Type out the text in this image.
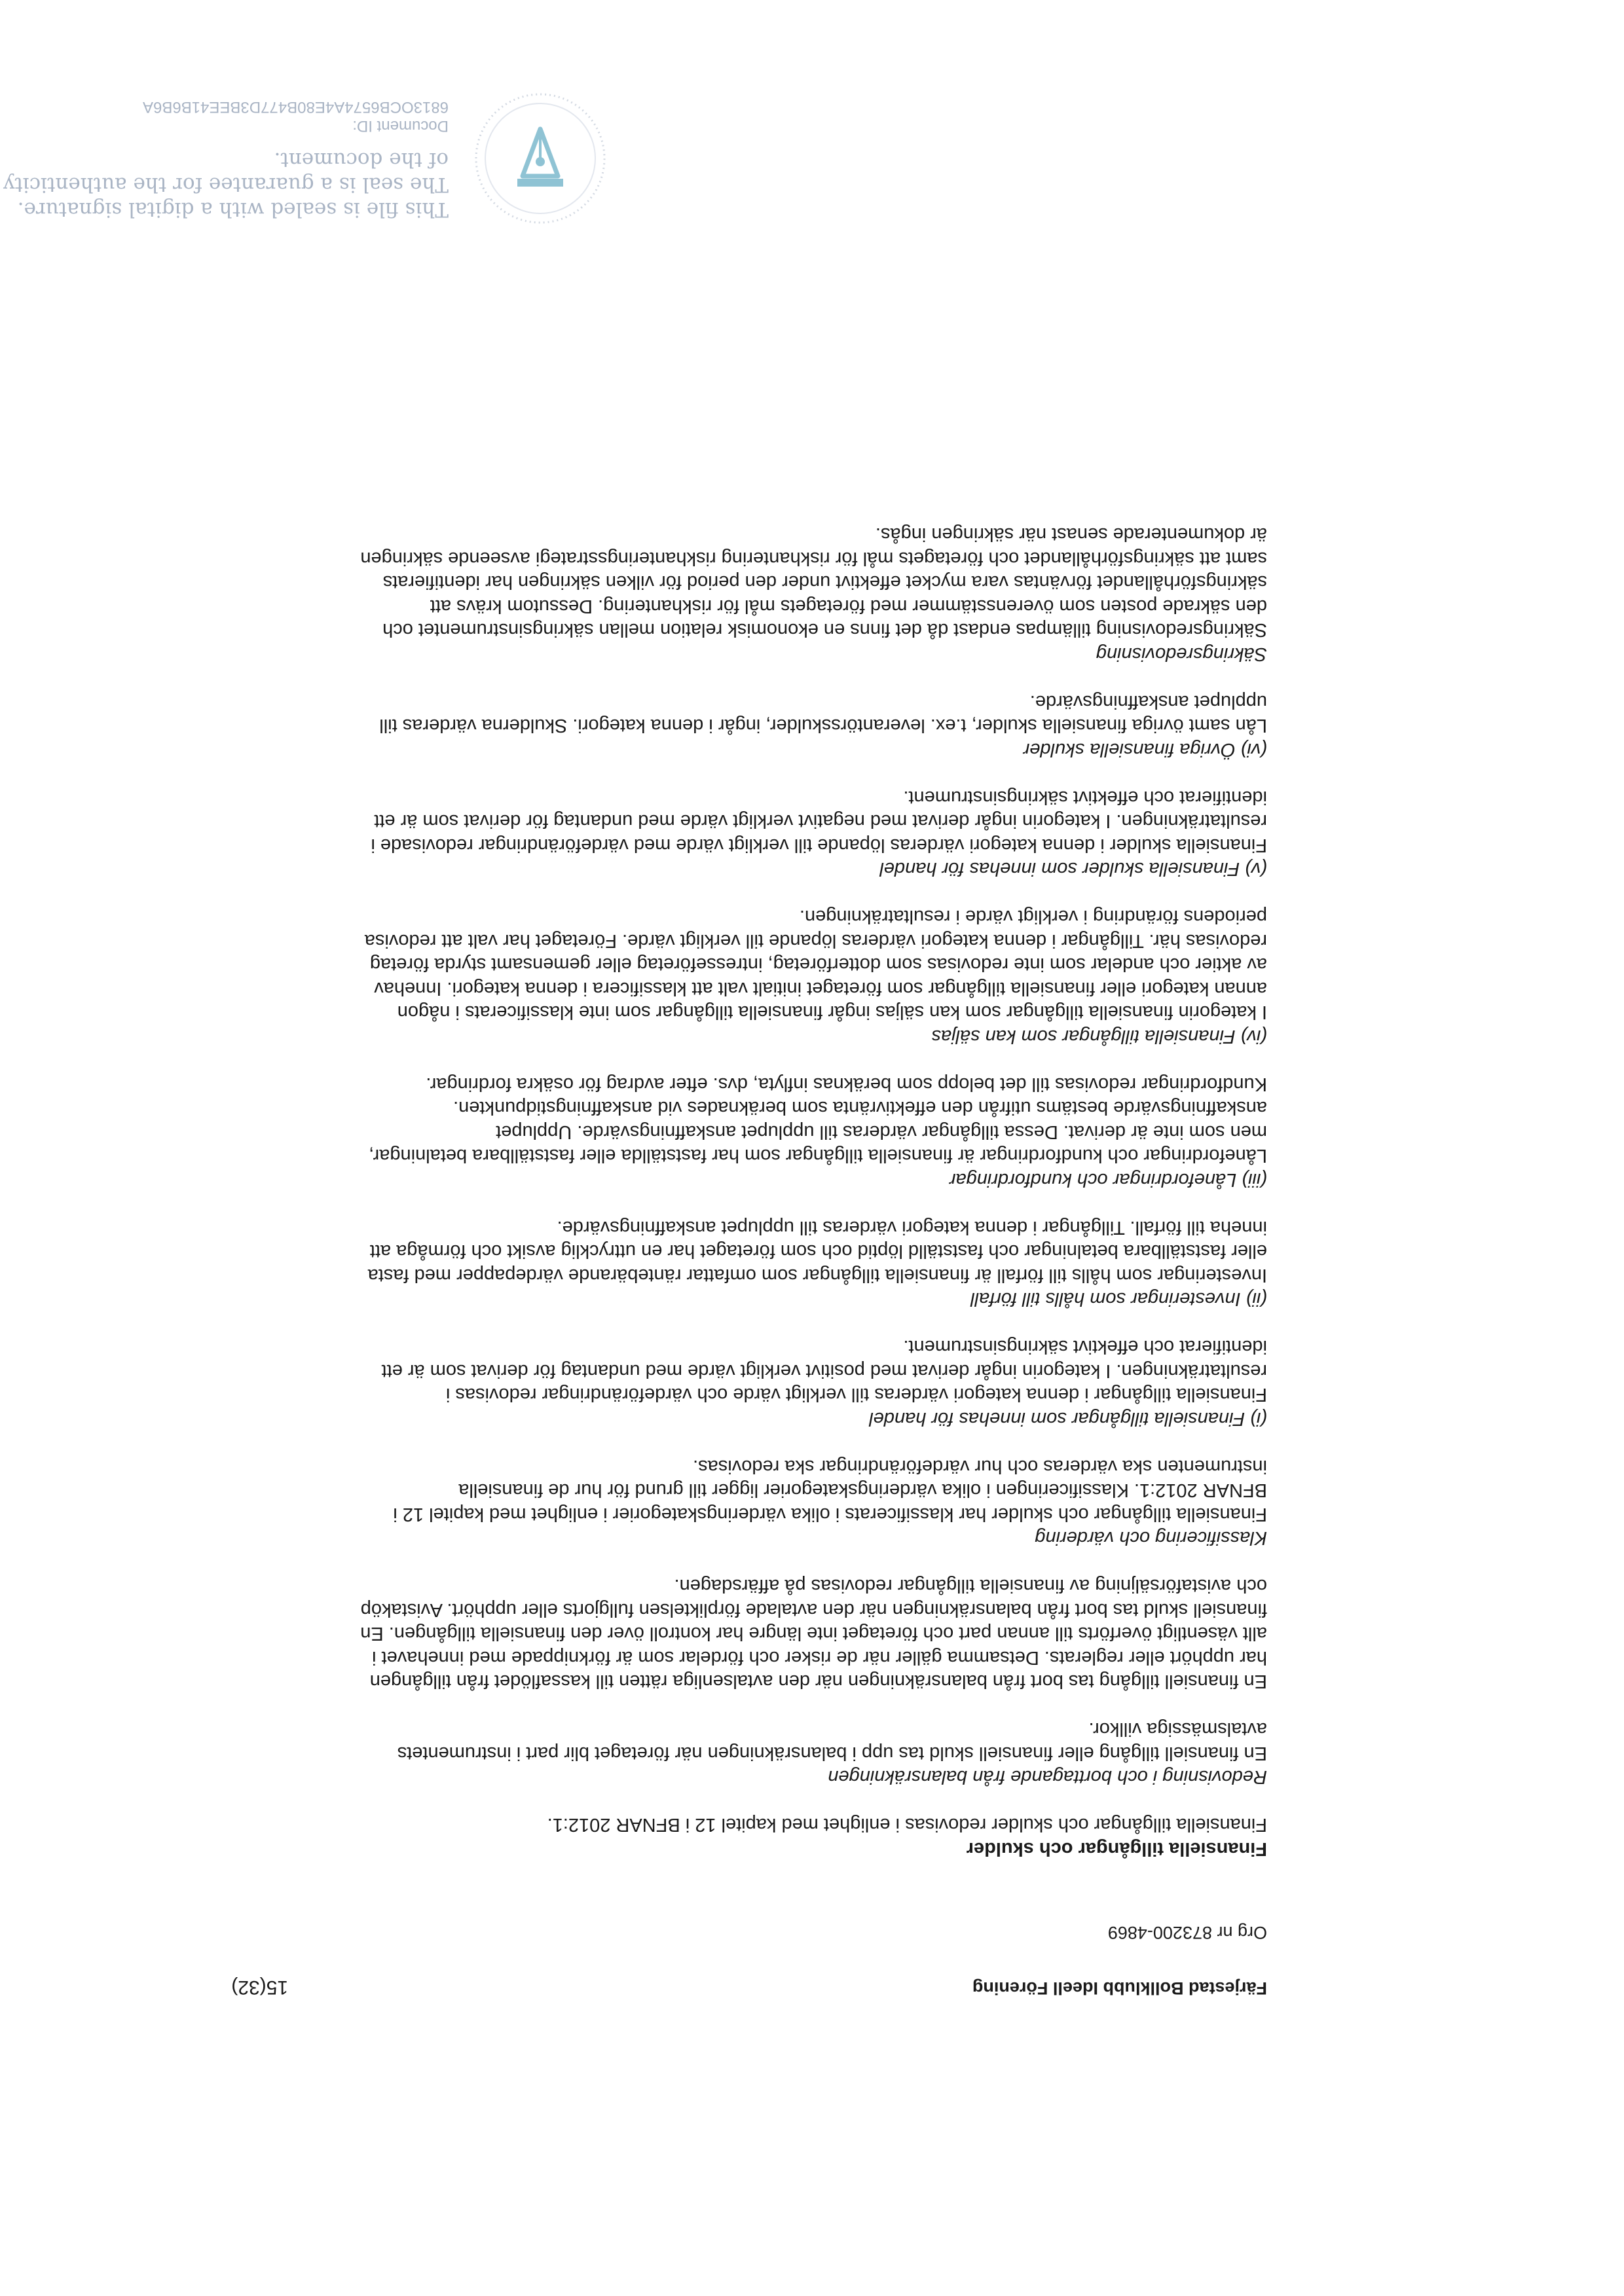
Färjestad Bollklubb Ideell Förening
15(32)
Org nr 873200-4869

Finansiella tillgångar och skulder

Finansiella tillgångar och skulder redovisas i enlighet med kapitel 12 i BFNAR 2012:1.

Redovisning i och borttagande från balansräkningen

En finansiell tillgång eller finansiell skuld tas upp i balansräkningen när företaget blir part i instrumentets avtalsmässiga villkor.

En finansiell tillgång tas bort från balansräkningen när den avtalsenliga rätten till kassaflödet från tillgången har upphört eller reglerats. Detsamma gäller när de risker och fördelar som är förknippade med innehavet i allt väsentligt överförts till annan part och företaget inte längre har kontroll över den finansiella tillgången. En finansiell skuld tas bort från balansräkningen när den avtalade förpliktelsen fullgjorts eller upphört. Avistaköp och avistaförsäljning av finansiella tillgångar redovisas på affärsdagen.

Klassificering och värdering

Finansiella tillgångar och skulder har klassificerats i olika värderingskategorier i enlighet med kapitel 12 i BFNAR 2012:1. Klassificeringen i olika värderingskategorier ligger till grund för hur de finansiella instrumenten ska värderas och hur värdeförändringar ska redovisas.

(i) Finansiella tillgångar som innehas för handel

Finansiella tillgångar i denna kategori värderas till verkligt värde och värdeförändringar redovisas i resultaträkningen. I kategorin ingår derivat med positivt verkligt värde med undantag för derivat som är ett identifierat och effektivt säkringsinstrument.

(ii) Investeringar som hålls till förfall

Investeringar som hålls till förfall är finansiella tillgångar som omfattar räntebärande värdepapper med fasta eller fastställbara betalningar och fastställd löptid och som företaget har en uttrycklig avsikt och förmåga att inneha till förfall. Tillgångar i denna kategori värderas till upplupet anskaffningsvärde.

(iii) Lånefordringar och kundfordringar

Lånefordringar och kundfordringar är finansiella tillgångar som har fastställda eller fastställbara betalningar, men som inte är derivat. Dessa tillgångar värderas till upplupet anskaffningsvärde. Upplupet anskaffningsvärde bestäms utifrån den effektivränta som beräknades vid anskaffningstidpunkten. Kundfordringar redovisas till det belopp som beräknas inflyta, dvs. efter avdrag för osäkra fordringar.

(iv) Finansiella tillgångar som kan säljas

I kategorin finansiella tillgångar som kan säljas ingår finansiella tillgångar som inte klassificerats i någon annan kategori eller finansiella tillgångar som företaget initialt valt att klassificera i denna kategori. Innehav av aktier och andelar som inte redovisas som dotterföretag, intresseföretag eller gemensamt styrda företag redovisas här. Tillgångar i denna kategori värderas löpande till verkligt värde. Företaget har valt att redovisa periodens förändring i verkligt värde i resultaträkningen.

(v) Finansiella skulder som innehas för handel

Finansiella skulder i denna kategori värderas löpande till verkligt värde med värdeförändringar redovisade i resultaträkningen. I kategorin ingår derivat med negativt verkligt värde med undantag för derivat som är ett identifierat och effektivt säkringsinstrument.

(vi) Övriga finansiella skulder

Lån samt övriga finansiella skulder, t.ex. leverantörsskulder, ingår i denna kategori. Skulderna värderas till upplupet anskaffningsvärde.

Säkringsredovisning

Säkringsredovisning tillämpas endast då det finns en ekonomisk relation mellan säkringsinstrumentet och den säkrade posten som överensstämmer med företagets mål för riskhantering. Dessutom krävs att säkringsförhållandet förväntas vara mycket effektivt under den period för vilken säkringen har identifierats samt att säkringsförhållandet och företagets mål för riskhantering riskhanteringsstrategi avseende säkringen är dokumenterade senast när säkringen ingås.

This file is sealed with a digital signature.
The seal is a guarantee for the authenticity
of the document.
Document ID:
6813OCB6574A4E80B477D3BEE41B6B6A
